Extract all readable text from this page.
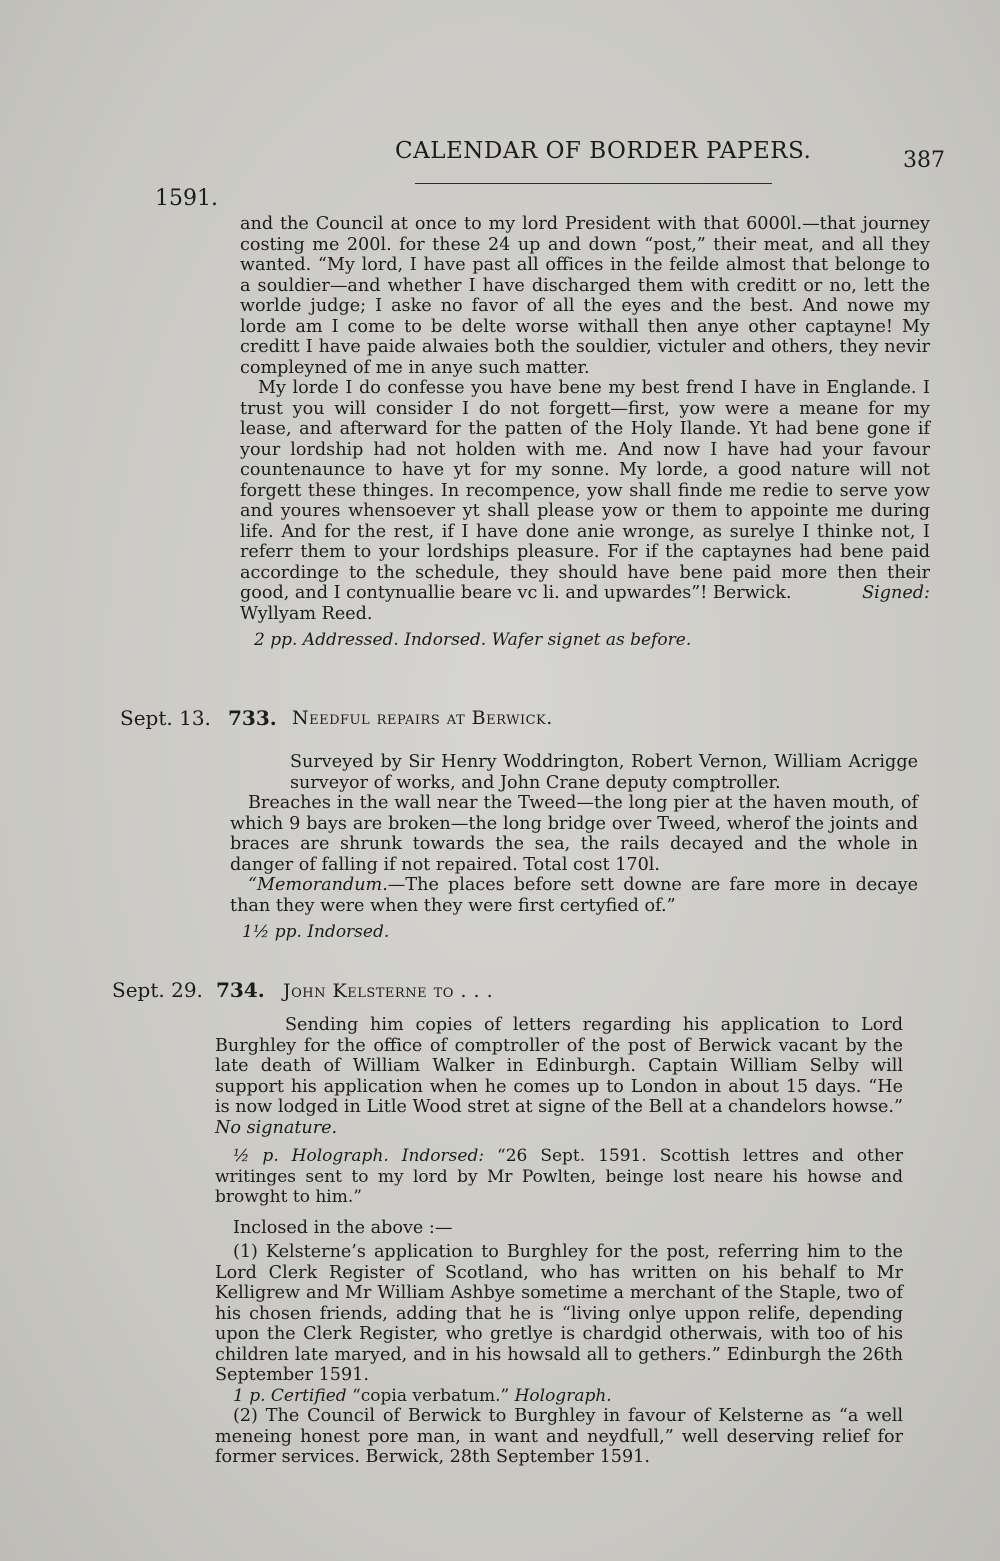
CALENDAR OF BORDER PAPERS.	387
1591.

and the Council at once to my lord President with that 6000l.—that journey costing me 200l. for these 24 up and down “post,” their meat, and all they wanted. “My lord, I have past all offices in the feilde almost that belonge to a souldier—and whether I have discharged them with creditt or no, lett the worlde judge; I aske no favor of all the eyes and the best. And nowe my lorde am I come to be delte worse withall then anye other captayne! My creditt I have paide alwaies both the souldier, victuler and others, they nevir compleyned of me in anye such matter.

My lorde I do confesse you have bene my best frend I have in Englande. I trust you will consider I do not forgett—first, yow were a meane for my lease, and afterward for the patten of the Holy Ilande. Yt had bene gone if your lordship had not holden with me. And now I have had your favour countenaunce to have yt for my sonne. My lorde, a good nature will not forgett these thinges. In recompence, yow shall finde me redie to serve yow and youres whensoever yt shall please yow or them to appointe me during life. And for the rest, if I have done anie wronge, as surelye I thinke not, I referr them to your lordships pleasure. For if the captaynes had bene paid accordinge to the schedule, they should have bene paid more then their good, and I contynuallie beare vc li. and upwardes”! Berwick.	Signed:

Wyllyam Reed.

2 pp. Addressed. Indorsed. Wafer signet as before.

Sept. 13. 733. Needful repairs at Berwick.

Surveyed by Sir Henry Woddrington, Robert Vernon, William Acrigge surveyor of works, and John Crane deputy comptroller.

Breaches in the wall near the Tweed—the long pier at the haven mouth, of which 9 bays are broken—the long bridge over Tweed, wherof the joints and braces are shrunk towards the sea, the rails decayed and the whole in danger of falling if not repaired. Total cost 170l.

“Memorandum.—The places before sett downe are fare more in decaye than they were when they were first certyfied of.”

1½ pp. Indorsed.

Sept. 29. 734. John Kelsterne to . . .

Sending him copies of letters regarding his application to Lord Burghley for the office of comptroller of the post of Berwick vacant by the late death of William Walker in Edinburgh. Captain William Selby will support his application when he comes up to London in about 15 days. “He is now lodged in Litle Wood stret at signe of the Bell at a chandelors howse.” No signature.

½ p. Holograph. Indorsed: “26 Sept. 1591. Scottish lettres and other writinges sent to my lord by Mr Powlten, beinge lost neare his howse and browght to him.”

Inclosed in the above :—

(1) Kelsterne’s application to Burghley for the post, referring him to the Lord Clerk Register of Scotland, who has written on his behalf to Mr Kelligrew and Mr William Ashbye sometime a merchant of the Staple, two of his chosen friends, adding that he is “living onlye uppon relife, depending upon the Clerk Register, who gretlye is chardgid otherwais, with too of his children late maryed, and in his howsald all to gethers.” Edinburgh the 26th September 1591.

1 p. Certified “copia verbatum.” Holograph.

(2) The Council of Berwick to Burghley in favour of Kelsterne as “a well meneing honest pore man, in want and neydfull,” well deserving relief for former services. Berwick, 28th September 1591.
